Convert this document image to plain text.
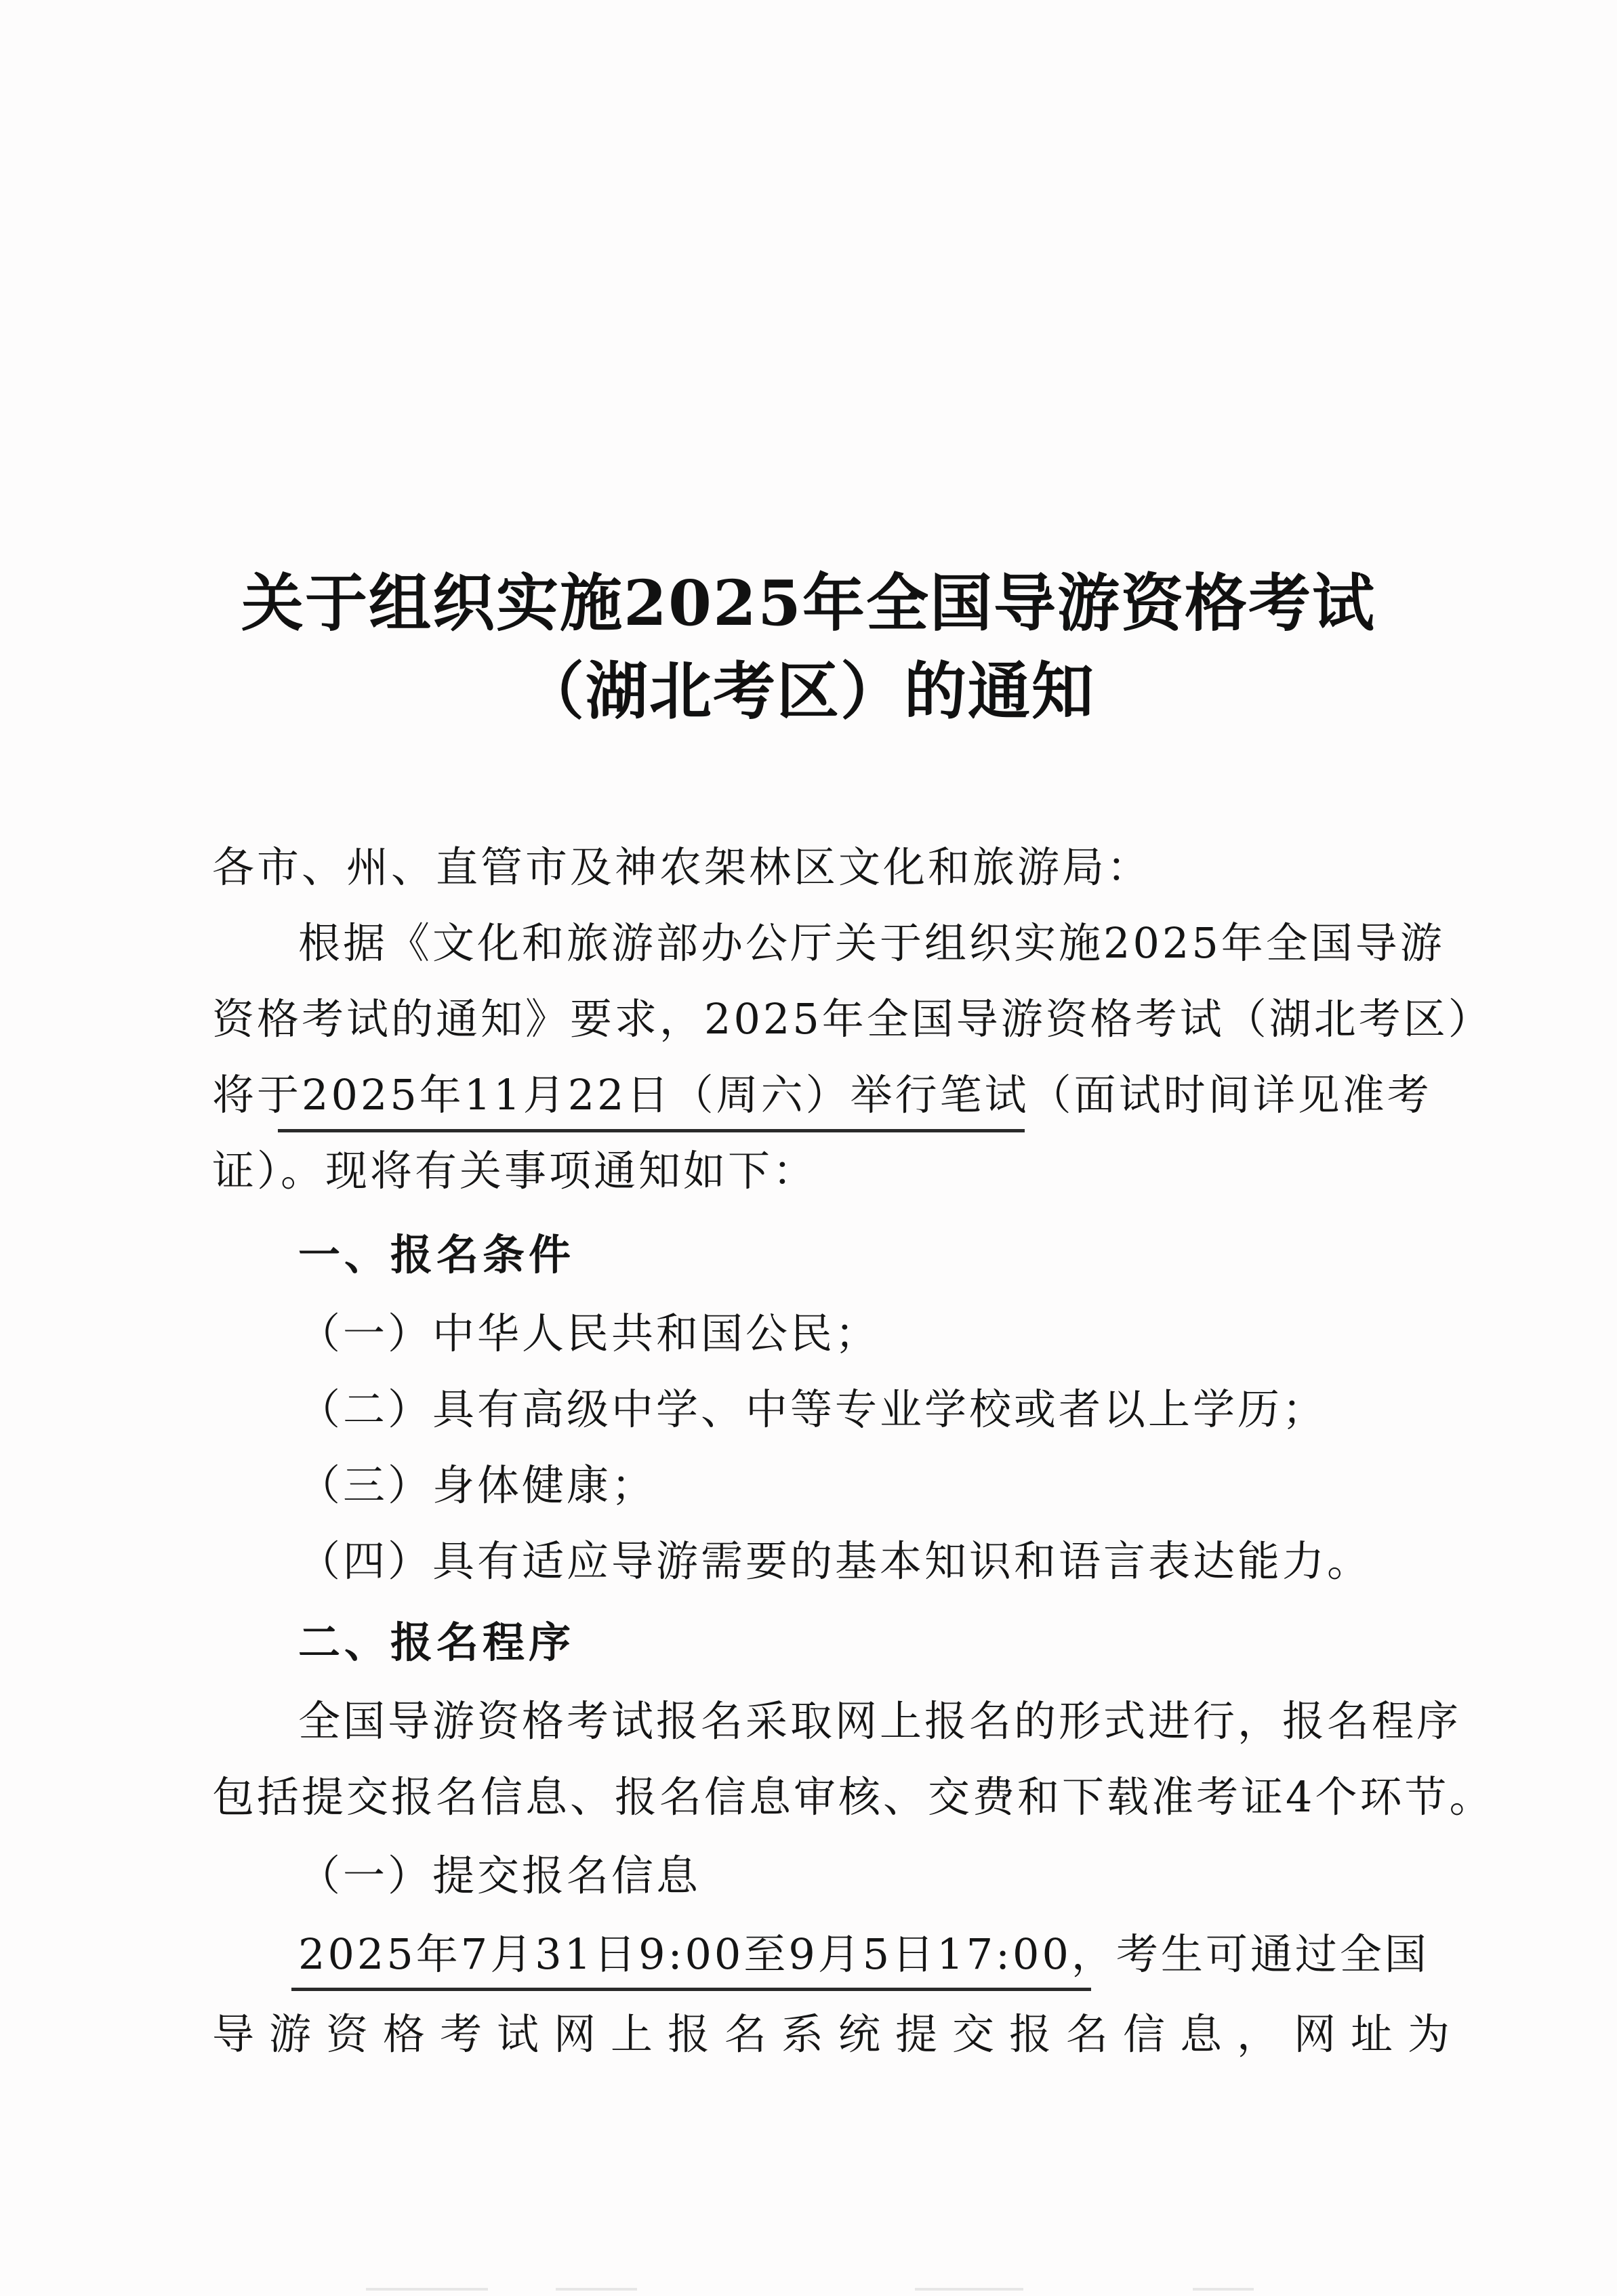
关于组织实施2025年全国导游资格考试
（湖北考区）的通知
各市、州、直管市及神农架林区文化和旅游局：
根据《文化和旅游部办公厅关于组织实施2025年全国导游
资格考试的通知》要求，2025年全国导游资格考试（湖北考区）
将于2025年11月22日（周六）举行笔试（面试时间详见准考
证）。现将有关事项通知如下：
一、报名条件
（一）中华人民共和国公民；
（二）具有高级中学、中等专业学校或者以上学历；
（三）身体健康；
（四）具有适应导游需要的基本知识和语言表达能力。
二、报名程序
全国导游资格考试报名采取网上报名的形式进行，报名程序
包括提交报名信息、报名信息审核、交费和下载准考证4个环节。
（一）提交报名信息
2025年7月31日9:00至9月5日17:00，考生可通过全国
导游资格考试网上报名系统提交报名信息，网址为
